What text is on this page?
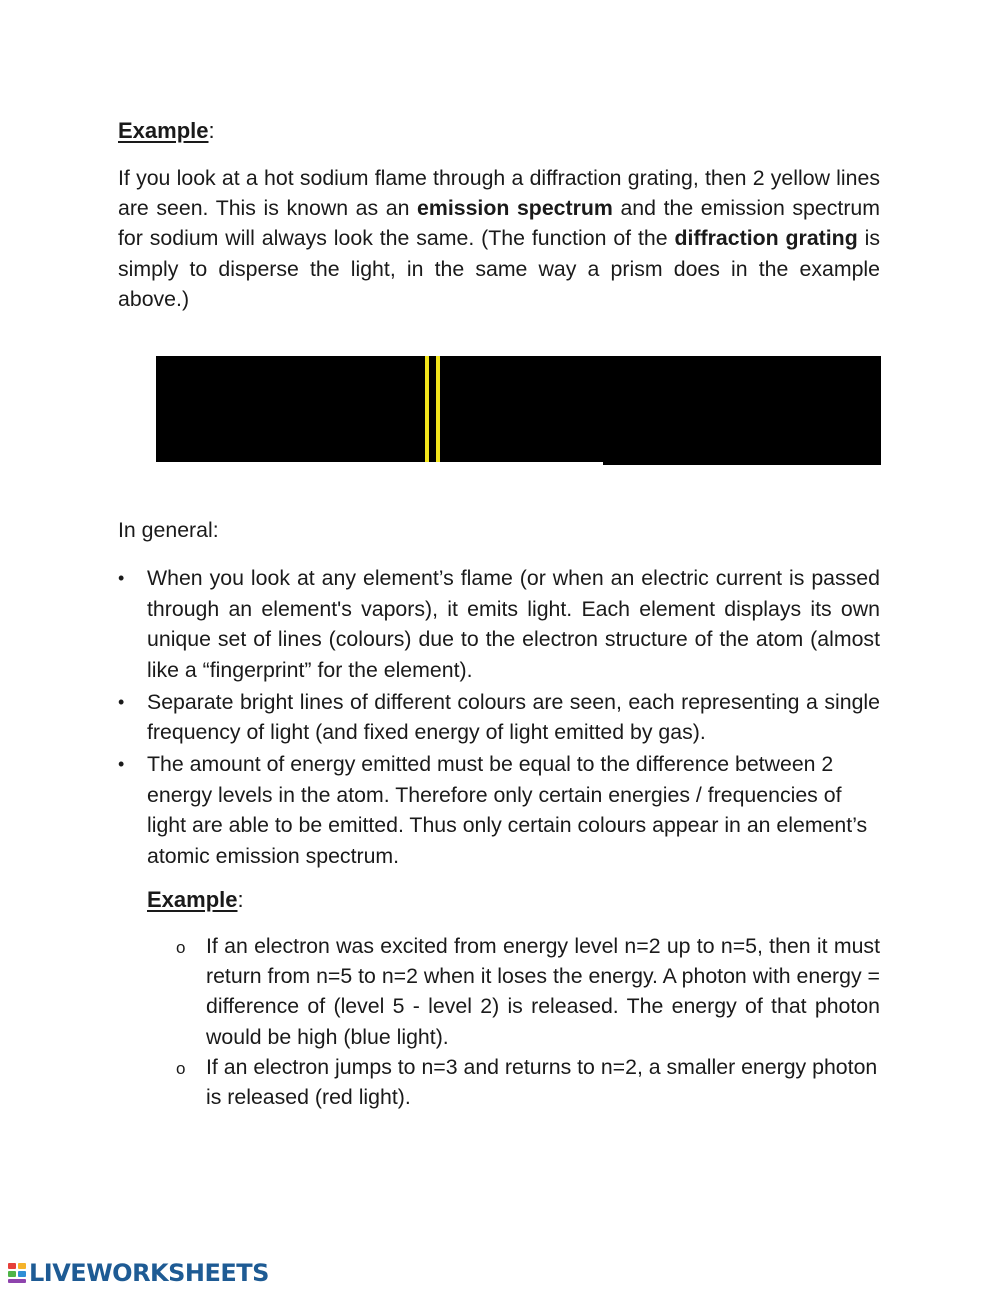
Example:
If you look at a hot sodium flame through a diffraction grating, then 2 yellow lines are seen. This is known as an emission spectrum and the emission spectrum for sodium will always look the same. (The function of the diffraction grating is simply to disperse the light, in the same way a prism does in the example above.)
In general:
•	When you look at any element’s flame (or when an electric current is passed through an element's vapors), it emits light. Each element displays its own unique set of lines (colours) due to the electron structure of the atom (almost like a “fingerprint” for the element).
•	Separate bright lines of different colours are seen, each representing a single frequency of light (and fixed energy of light emitted by gas).
•	The amount of energy emitted must be equal to the difference between 2 energy levels in the atom. Therefore only certain energies / frequencies of light are able to be emitted. Thus only certain colours appear in an element’s atomic emission spectrum.
Example:
o If an electron was excited from energy level n=2 up to n=5, then it must return from n=5 to n=2 when it loses the energy. A photon with energy = difference of (level 5 - level 2) is released. The energy of that photon would be high (blue light).
o If an electron jumps to n=3 and returns to n=2, a smaller energy photon is released (red light).
LIVEWORKSHEETS
